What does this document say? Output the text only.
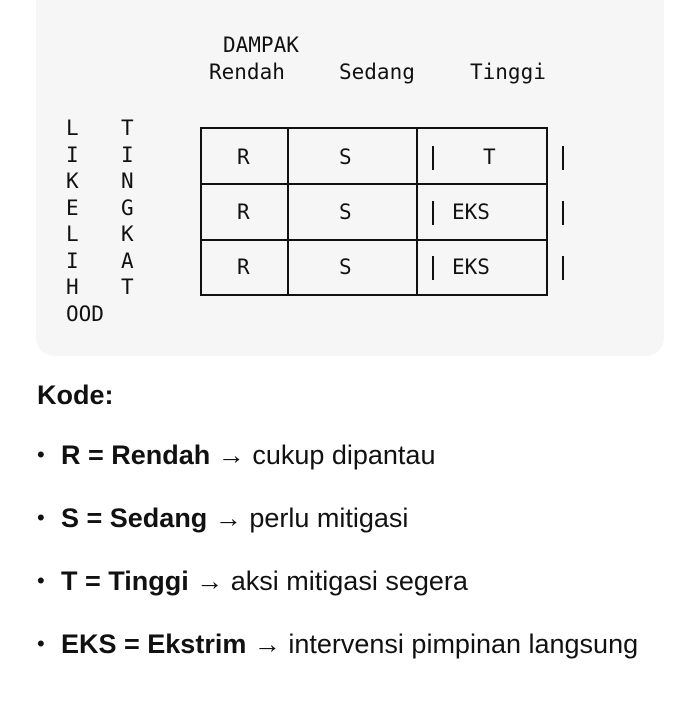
DAMPAK
Rendah	Sedang	Tinggi
L
I
K
E
L
I
H
OOD
T
I
N
G
K
A
T
R	S	T
R	S	EKS
R	S	EKS
Kode:
• R = Rendah → cukup dipantau
• S = Sedang → perlu mitigasi
• T = Tinggi → aksi mitigasi segera
• EKS = Ekstrim → intervensi pimpinan langsung
